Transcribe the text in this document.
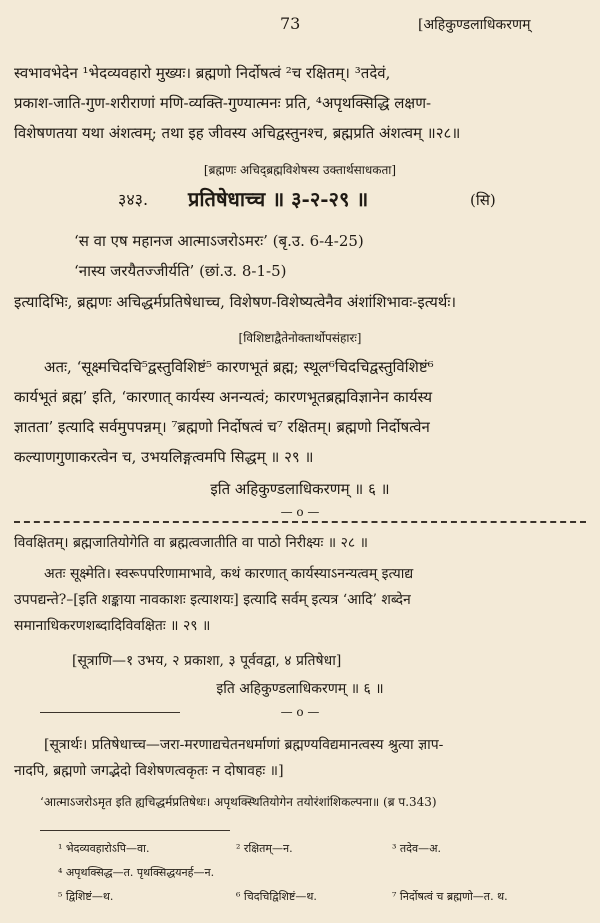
73	[अहिकुण्डलाधिकरणम्
स्वभावभेदेन ¹भेदव्यवहारो मुख्यः। ब्रह्मणो निर्दोषत्वं ²च रक्षितम्। ³तदेवं,
प्रकाश-जाति-गुण-शरीराणां मणि-व्यक्ति-गुण्यात्मनः प्रति, ⁴अपृथक्सिद्धि लक्षण-
विशेषणतया यथा अंशत्वम्; तथा इह जीवस्य अचिद्वस्तुनश्च, ब्रह्मप्रति अंशत्वम् ॥२८॥
[ब्रह्मणः अचिद्ब्रह्मविशेषस्य उक्तार्थसाधकता]
३४३. प्रतिषेधाच्च ॥ ३-२-२९ ॥	(सि)
‘स वा एष महानज आत्माऽजरोऽमरः’ (बृ.उ. 6-4-25)
‘नास्य जरयैतज्जीर्यति’ (छां.उ. 8-1-5)
इत्यादिभिः, ब्रह्मणः अचिद्धर्मप्रतिषेधाच्च, विशेषण-विशेष्यत्वेनैव अंशांशिभावः-इत्यर्थः।
[विशिष्टाद्वैतेनोक्तार्थोपसंहारः]
अतः, ‘सूक्ष्मचिदचि⁵द्वस्तुविशिष्टं⁵ कारणभूतं ब्रह्म; स्थूल⁶चिदचिद्वस्तुविशिष्टं⁶
कार्यभूतं ब्रह्म’ इति, ‘कारणात् कार्यस्य अनन्यत्वं; कारणभूतब्रह्मविज्ञानेन कार्यस्य
ज्ञातता’ इत्यादि सर्वमुपपन्नम्। ⁷ब्रह्मणो निर्दोषत्वं च⁷ रक्षितम्। ब्रह्मणो निर्दोषत्वेन
कल्याणगुणाकरत्वेन च, उभयलिङ्गत्वमपि सिद्धम् ॥ २९ ॥
इति अहिकुण्डलाधिकरणम् ॥ ६ ॥
— o —
विवक्षितम्। ब्रह्मजातियोगेति वा ब्रह्मत्वजातीति वा पाठो निरीक्ष्यः ॥ २८ ॥
अतः सूक्ष्मेति। स्वरूपपरिणामाभावे, कथं कारणात् कार्यस्याऽनन्यत्वम् इत्याद्य
उपपद्यन्ते?–[इति शङ्काया नावकाशः इत्याशयः] इत्यादि सर्वम् इत्यत्र ‘आदि’ शब्देन
समानाधिकरणशब्दादिविवक्षितः ॥ २९ ॥
[सूत्राणि—१ उभय, २ प्रकाशा, ३ पूर्ववद्वा, ४ प्रतिषेधा]
इति अहिकुण्डलाधिकरणम् ॥ ६ ॥
— o —
[सूत्रार्थः। प्रतिषेधाच्च—जरा-मरणाद्यचेतनधर्माणां ब्रह्मण्यविद्यमानत्वस्य श्रुत्या ज्ञाप-
नादपि, ब्रह्मणो जगद्भेदो विशेषणत्वकृतः न दोषावहः ॥]
‘आत्माऽजरोऽमृत इति ह्यचिद्धर्मप्रतिषेधः। अपृथक्स्थितियोगेन तयोरंशांशिकल्पना॥ (ब्र प.343)
¹ भेदव्यवहारोऽपि—वा.	² रक्षितम्—न.	³ तदेव—अ.
⁴ अपृथक्सिद्ध—त. पृथक्सिद्धयनर्ह—न.
⁵ द्विशिष्टं—थ.	⁶ चिदचिद्विशिष्टं—थ.	⁷ निर्दोषत्वं च ब्रह्मणो—त. थ.
